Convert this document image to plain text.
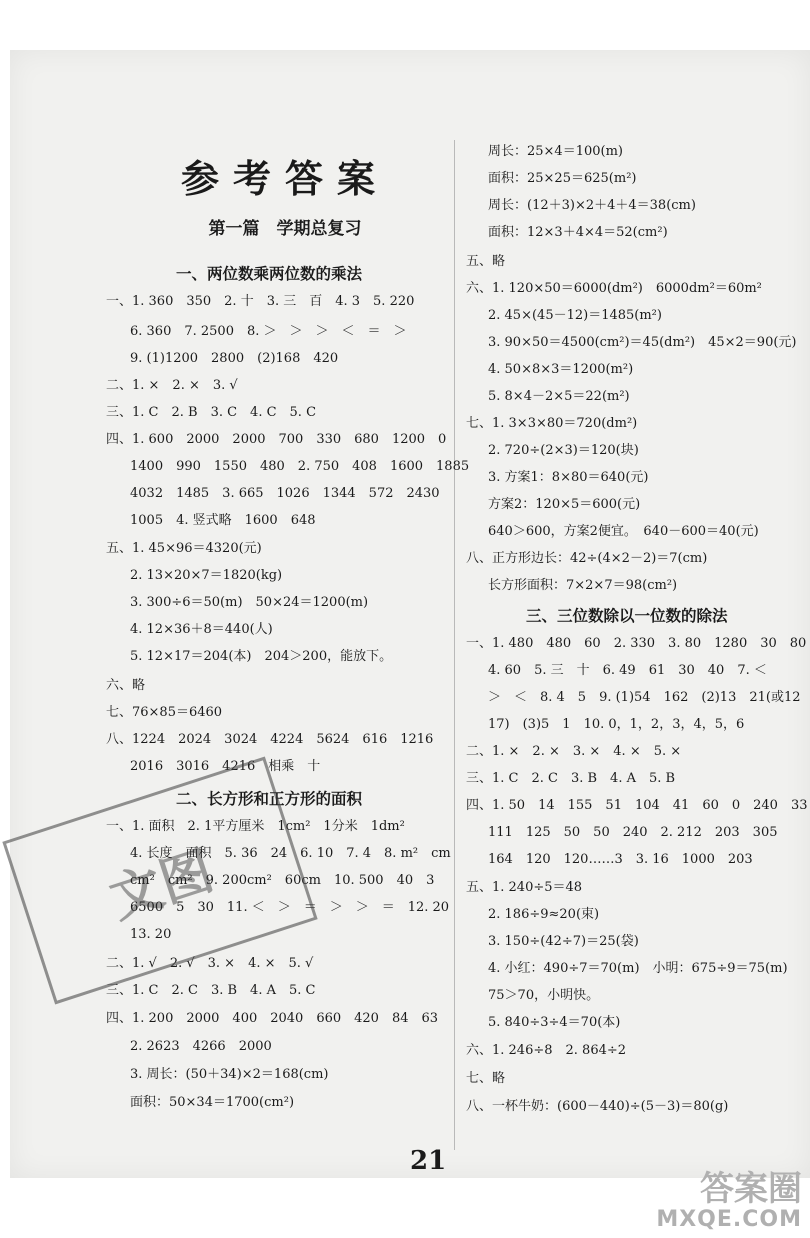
参考答案
第一篇　学期总复习
一、两位数乘两位数的乘法
一、1. 360　350　2. 十　3. 三　百　4. 3　5. 220
6. 360　7. 2500　8. ＞　＞　＞　＜　＝　＞
9. (1)1200　2800　(2)168　420
二、1. ×　2. ×　3. √
三、1. C　2. B　3. C　4. C　5. C
四、1. 600　2000　2000　700　330　680　1200　0
1400　990　1550　480　2. 750　408　1600　1885
4032　1485　3. 665　1026　1344　572　2430
1005　4. 竖式略　1600　648
五、1. 45×96＝4320(元)
2. 13×20×7＝1820(kg)
3. 300÷6＝50(m)　50×24＝1200(m)
4. 12×36＋8＝440(人)
5. 12×17＝204(本)　204＞200，能放下。
六、略
七、76×85＝6460
八、1224　2024　3024　4224　5624　616　1216
2016　3016　4216　相乘　十
二、长方形和正方形的面积
一、1. 面积　2. 1平方厘米　1cm²　1分米　1dm²
4. 长度　面积　5. 36　24　6. 10　7. 4　8. m²　cm
cm²　cm²　9. 200cm²　60cm　10. 500　40　3
6500　5　30　11. ＜　＞　＝　＞　＞　＝　12. 20
13. 20
二、1. √　2. √　3. ×　4. ×　5. √
三、1. C　2. C　3. B　4. A　5. C
四、1. 200　2000　400　2040　660　420　84　63
2. 2623　4266　2000
3. 周长：(50＋34)×2＝168(cm)
面积：50×34＝1700(cm²)
周长：25×4＝100(m)
面积：25×25＝625(m²)
周长：(12＋3)×2＋4＋4＝38(cm)
面积：12×3＋4×4＝52(cm²)
五、略
六、1. 120×50＝6000(dm²)　6000dm²＝60m²
2. 45×(45－12)＝1485(m²)
3. 90×50＝4500(cm²)＝45(dm²)　45×2＝90(元)
4. 50×8×3＝1200(m²)
5. 8×4－2×5＝22(m²)
七、1. 3×3×80＝720(dm²)
2. 720÷(2×3)＝120(块)
3. 方案1：8×80＝640(元)
方案2：120×5＝600(元)
640＞600，方案2便宜。　640－600＝40(元)
八、正方形边长：42÷(4×2－2)＝7(cm)
长方形面积：7×2×7＝98(cm²)
三、三位数除以一位数的除法
一、1. 480　480　60　2. 330　3. 80　1280　30　80
4. 60　5. 三　十　6. 49　61　30　40　7. ＜
＞　＜　8. 4　5　9. (1)54　162　(2)13　21(或12
17)　(3)5　1　10. 0，1，2，3，4，5，6
二、1. ×　2. ×　3. ×　4. ×　5. ×
三、1. C　2. C　3. B　4. A　5. B
四、1. 50　14　155　51　104　41　60　0　240　33
111　125　50　50　240　2. 212　203　305
164　120　120……3　3. 16　1000　203
五、1. 240÷5＝48
2. 186÷9≈20(束)
3. 150÷(42÷7)＝25(袋)
4. 小红：490÷7＝70(m)　小明：675÷9＝75(m)
75＞70，小明快。
5. 840÷3÷4＝70(本)
六、1. 246÷8　2. 864÷2
七、略
八、一杯牛奶：(600－440)÷(5－3)＝80(g)
文图
21
答案圈
MXQE.COM
